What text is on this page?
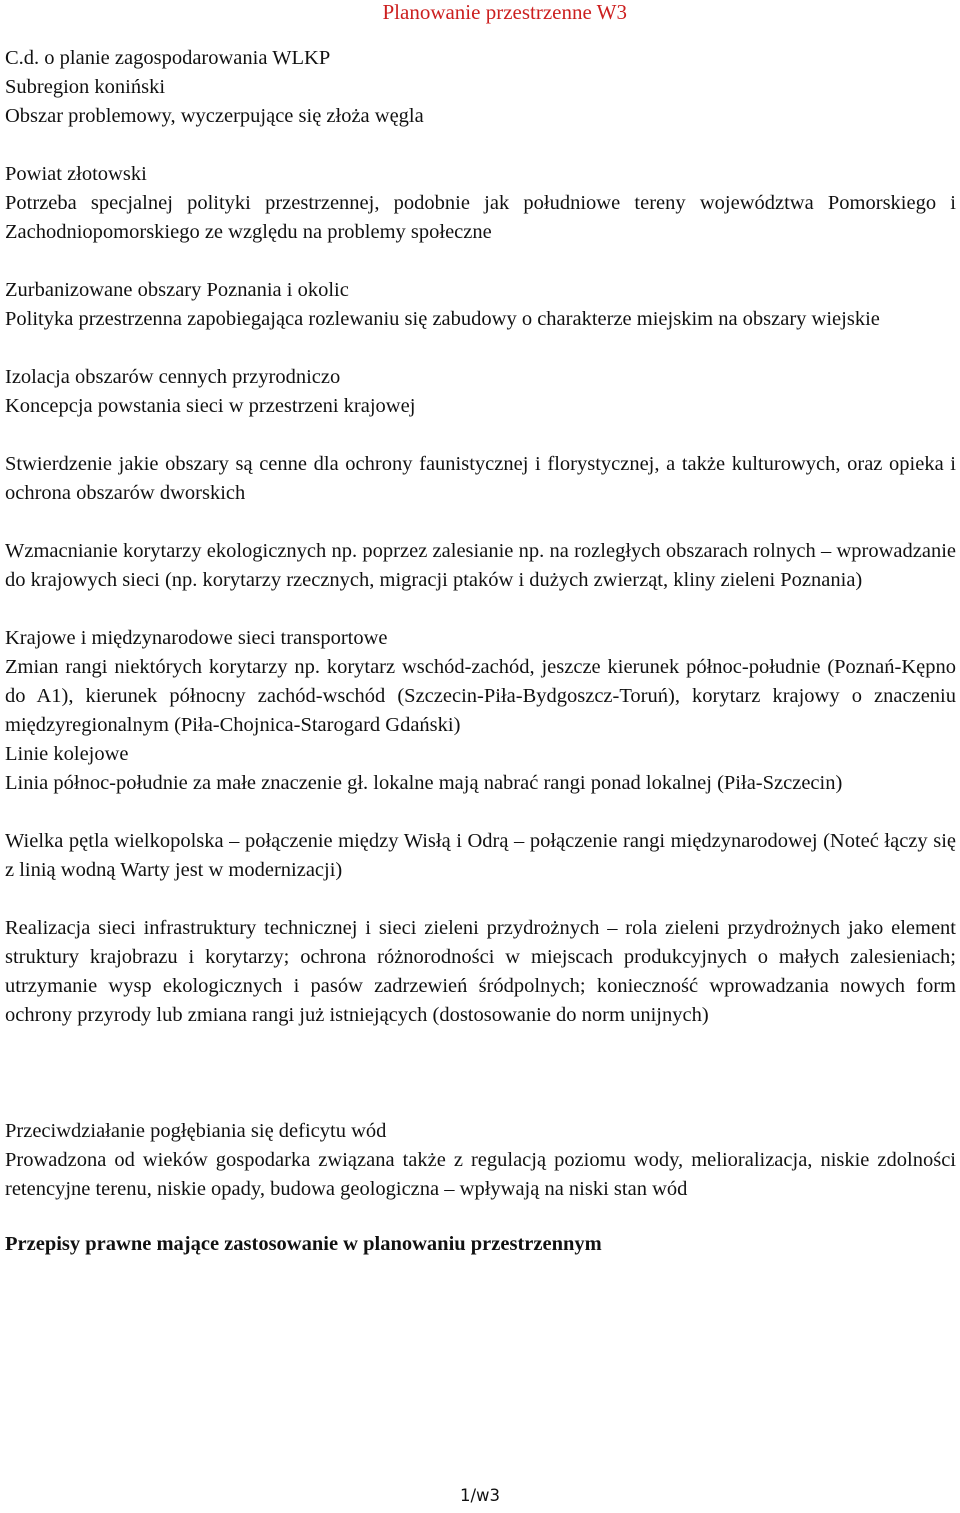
Planowanie przestrzenne W3

C.d. o planie zagospodarowania WLKP

Subregion koniński

Obszar problemowy, wyczerpujące się złoża węgla

Powiat złotowski

Potrzeba specjalnej polityki przestrzennej, podobnie jak południowe tereny województwa Pomorskiego i Zachodniopomorskiego ze względu na problemy społeczne

Zurbanizowane obszary Poznania i okolic

Polityka przestrzenna zapobiegająca rozlewaniu się zabudowy o charakterze miejskim na obszary wiejskie

Izolacja obszarów cennych przyrodniczo

Koncepcja powstania sieci w przestrzeni krajowej

Stwierdzenie jakie obszary są cenne dla ochrony faunistycznej i florystycznej, a także kulturowych, oraz opieka i ochrona obszarów dworskich

Wzmacnianie korytarzy ekologicznych np. poprzez zalesianie np. na rozległych obszarach rolnych – wprowadzanie do krajowych sieci (np. korytarzy rzecznych, migracji ptaków i dużych zwierząt, kliny zieleni Poznania)

Krajowe i międzynarodowe sieci transportowe

Zmian rangi niektórych korytarzy np. korytarz wschód-zachód, jeszcze kierunek północ-południe (Poznań-Kępno do A1), kierunek północny zachód-wschód (Szczecin-Piła-Bydgoszcz-Toruń), korytarz krajowy o znaczeniu międzyregionalnym (Piła-Chojnica-Starogard Gdański)

Linie kolejowe

Linia północ-południe za małe znaczenie gł. lokalne mają nabrać rangi ponad lokalnej (Piła-Szczecin)

Wielka pętla wielkopolska – połączenie między Wisłą i Odrą – połączenie rangi międzynarodowej (Noteć łączy się z linią wodną Warty jest w modernizacji)

Realizacja sieci infrastruktury technicznej i sieci zieleni przydrożnych – rola zieleni przydrożnych jako element struktury krajobrazu i korytarzy; ochrona różnorodności w miejscach produkcyjnych o małych zalesieniach; utrzymanie wysp ekologicznych i pasów zadrzewień śródpolnych; konieczność wprowadzania nowych form ochrony przyrody lub zmiana rangi już istniejących (dostosowanie do norm unijnych)

Przeciwdziałanie pogłębiania się deficytu wód

Prowadzona od wieków gospodarka związana także z regulacją poziomu wody, melioralizacja, niskie zdolności retencyjne terenu, niskie opady, budowa geologiczna – wpływają na niski stan wód

Przepisy prawne mające zastosowanie w planowaniu przestrzennym

1/w3
